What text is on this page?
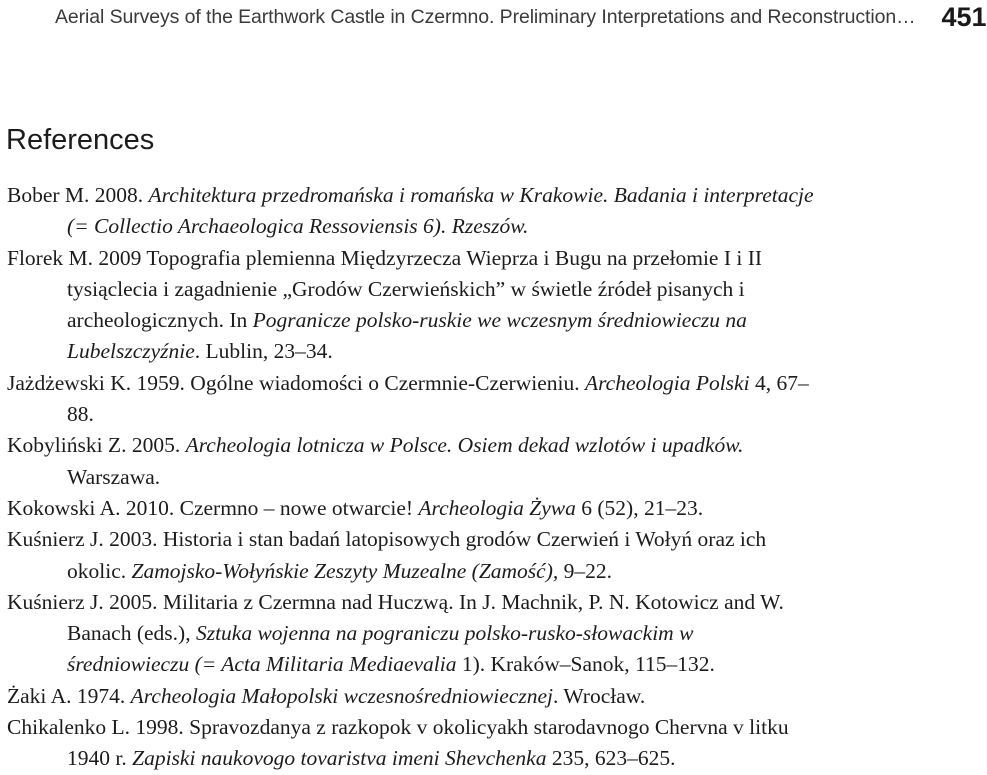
Aerial Surveys of the Earthwork Castle in Czermno. Preliminary Interpretations and Reconstruction… 451
References
Bober M. 2008. Architektura przedromańska i romańska w Krakowie. Badania i interpretacje (= Collectio Archaeologica Ressoviensis 6). Rzeszów.
Florek M. 2009 Topografia plemienna Międzyrzecza Wieprza i Bugu na przełomie I i II tysiąclecia i zagadnienie „Grodów Czerwieńskich” w świetle źródeł pisanych i archeologicznych. In Pogranicze polsko-ruskie we wczesnym średniowieczu na Lubelszczyźnie. Lublin, 23‒34.
Jażdżewski K. 1959. Ogólne wiadomości o Czermnie-Czerwieniu. Archeologia Polski 4, 67‒88.
Kobyliński Z. 2005. Archeologia lotnicza w Polsce. Osiem dekad wzlotów i upadków. Warszawa.
Kokowski A. 2010. Czermno ‒ nowe otwarcie! Archeologia Żywa 6 (52), 21‒23.
Kuśnierz J. 2003. Historia i stan badań latopisowych grodów Czerwień i Wołyń oraz ich okolic. Zamojsko-Wołyńskie Zeszyty Muzealne (Zamość), 9‒22.
Kuśnierz J. 2005. Militaria z Czermna nad Huczwą. In J. Machnik, P. N. Kotowicz and W. Banach (eds.), Sztuka wojenna na pograniczu polsko-rusko-słowackim w średniowieczu (= Acta Militaria Mediaevalia 1). Kraków‒Sanok, 115‒132.
Żaki A. 1974. Archeologia Małopolski wczesnośredniowiecznej. Wrocław.
Chikalenko L. 1998. Spravozdanya z razkopok v okolicyakh starodavnogo Chervna v litku 1940 r. Zapiski naukovogo tovaristva imeni Shevchenka 235, 623‒625.
